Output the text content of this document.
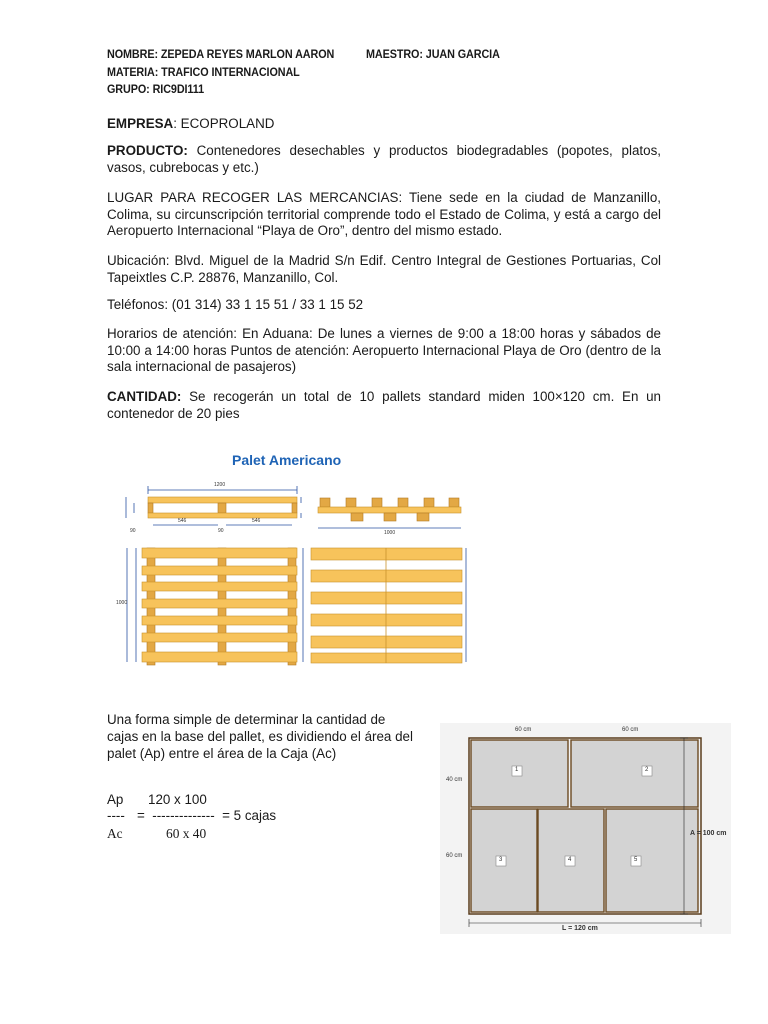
NOMBRE: ZEPEDA REYES MARLON AARON	MAESTRO: JUAN GARCIA
MATERIA: TRAFICO INTERNACIONAL
GRUPO: RIC9DI111
EMPRESA: ECOPROLAND
PRODUCTO: Contenedores desechables y productos biodegradables (popotes, platos, vasos, cubrebocas y etc.)
LUGAR PARA RECOGER LAS MERCANCIAS: Tiene sede en la ciudad de Manzanillo, Colima, su circunscripción territorial comprende todo el Estado de Colima, y está a cargo del Aeropuerto Internacional “Playa de Oro”, dentro del mismo estado.
Ubicación: Blvd. Miguel de la Madrid S/n Edif. Centro Integral de Gestiones Portuarias, Col Tapeixtles C.P. 28876, Manzanillo, Col.
Teléfonos: (01 314) 33 1 15 51 / 33 1 15 52
Horarios de atención: En Aduana: De lunes a viernes de 9:00 a 18:00 horas y sábados de 10:00 a 14:00 horas Puntos de atención: Aeropuerto Internacional Playa de Oro (dentro de la sala internacional de pasajeros)
CANTIDAD: Se recogerán un total de 10 pallets standard miden 100×120 cm. En un contenedor de 20 pies
Palet Americano
1200
546	546
90
90	1000
1000
Una forma simple de determinar la cantidad de cajas en la base del pallet, es dividiendo el área del palet (Ap) entre el área de la Caja (Ac)
Ap 120 x 100
---- =  --------------  = 5 cajas
Ac	60 x 40
60 cm	60 cm
40 cm
60 cm
A = 100 cm
L = 120 cm
1	2
3	4	5
